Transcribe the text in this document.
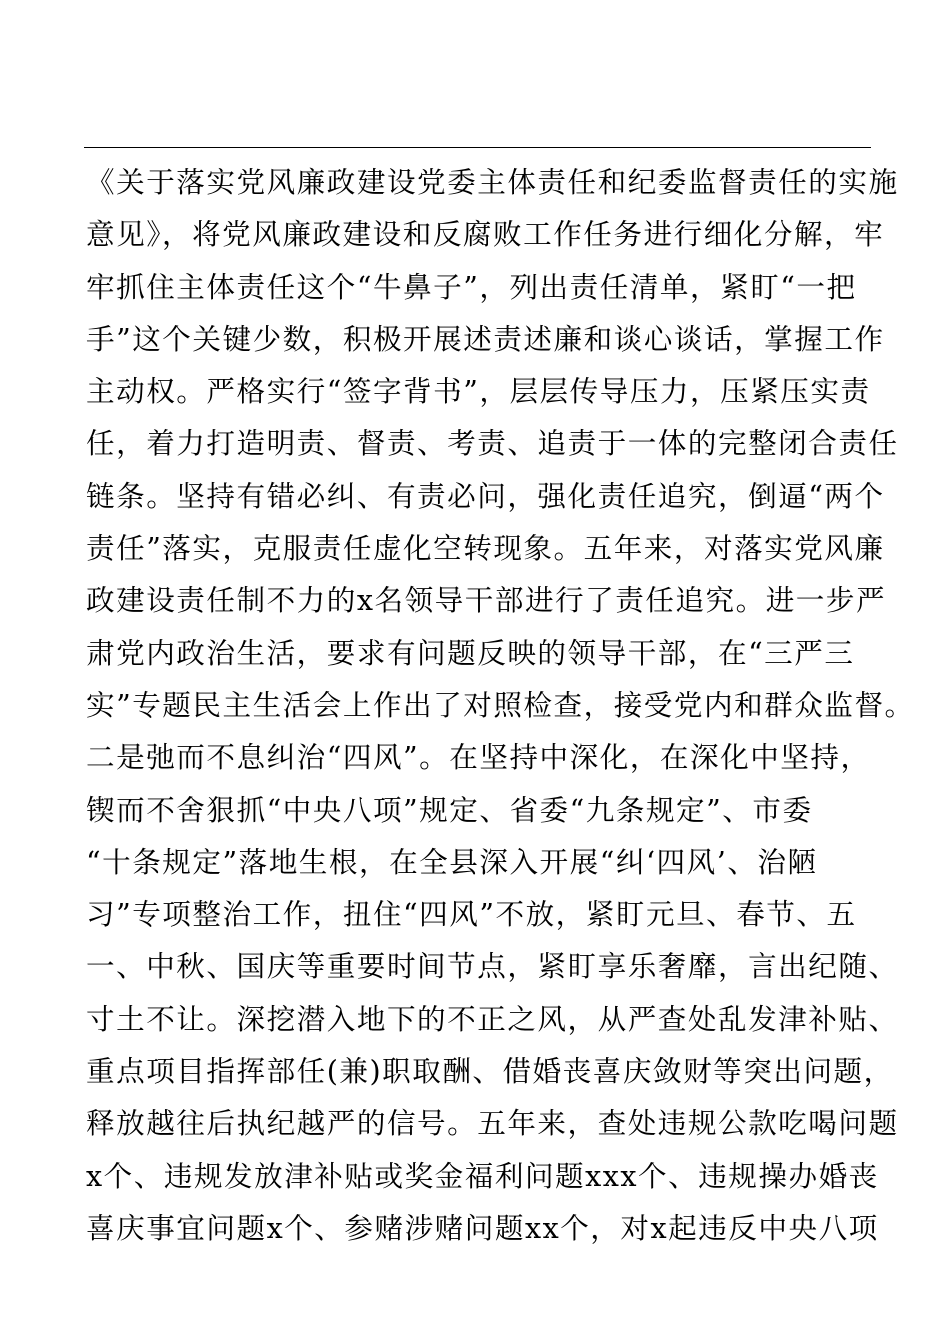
《关于落实党风廉政建设党委主体责任和纪委监督责任的实施
意见》，将党风廉政建设和反腐败工作任务进行细化分解，牢
牢抓住主体责任这个“牛鼻子”，列出责任清单，紧盯“一把
手”这个关键少数，积极开展述责述廉和谈心谈话，掌握工作
主动权。严格实行“签字背书”，层层传导压力，压紧压实责
任，着力打造明责、督责、考责、追责于一体的完整闭合责任
链条。坚持有错必纠、有责必问，强化责任追究，倒逼“两个
责任”落实，克服责任虚化空转现象。五年来，对落实党风廉
政建设责任制不力的x名领导干部进行了责任追究。进一步严
肃党内政治生活，要求有问题反映的领导干部，在“三严三
实”专题民主生活会上作出了对照检查，接受党内和群众监督。
二是弛而不息纠治“四风”。在坚持中深化，在深化中坚持，
锲而不舍狠抓“中央八项”规定、省委“九条规定”、市委
“十条规定”落地生根，在全县深入开展“纠‘四风’、治陋
习”专项整治工作，扭住“四风”不放，紧盯元旦、春节、五
一、中秋、国庆等重要时间节点，紧盯享乐奢靡，言出纪随、
寸土不让。深挖潜入地下的不正之风，从严查处乱发津补贴、
重点项目指挥部任(兼)职取酬、借婚丧喜庆敛财等突出问题，
释放越往后执纪越严的信号。五年来，查处违规公款吃喝问题
x个、违规发放津补贴或奖金福利问题xxx个、违规操办婚丧
喜庆事宜问题x个、参赌涉赌问题xx个，对x起违反中央八项
